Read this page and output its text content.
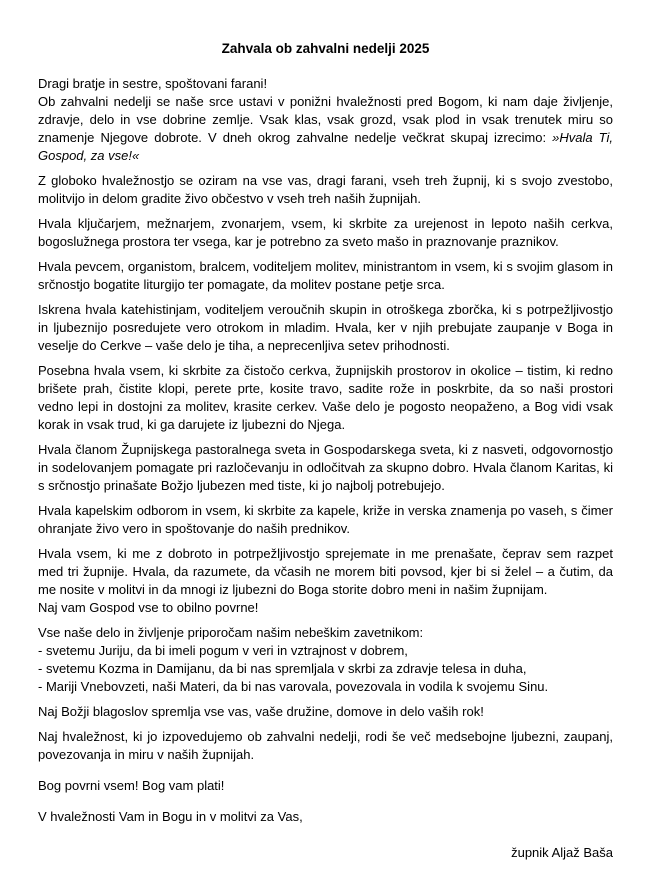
Zahvala ob zahvalni nedelji 2025

Dragi bratje in sestre, spoštovani farani!

Ob zahvalni nedelji se naše srce ustavi v ponižni hvaležnosti pred Bogom, ki nam daje življenje, zdravje, delo in vse dobrine zemlje. Vsak klas, vsak grozd, vsak plod in vsak trenutek miru so znamenje Njegove dobrote. V dneh okrog zahvalne nedelje večkrat skupaj izrecimo: »Hvala Ti, Gospod, za vse!«

Z globoko hvaležnostjo se oziram na vse vas, dragi farani, vseh treh župnij, ki s svojo zvestobo, molitvijo in delom gradite živo občestvo v vseh treh naših župnijah.

Hvala ključarjem, mežnarjem, zvonarjem, vsem, ki skrbite za urejenost in lepoto naših cerkva, bogoslužnega prostora ter vsega, kar je potrebno za sveto mašo in praznovanje praznikov.

Hvala pevcem, organistom, bralcem, voditeljem molitev, ministrantom in vsem, ki s svojim glasom in srčnostjo bogatite liturgijo ter pomagate, da molitev postane petje srca.

Iskrena hvala katehistinjam, voditeljem veroučnih skupin in otroškega zborčka, ki s potrpežljivostjo in ljubeznijo posredujete vero otrokom in mladim. Hvala, ker v njih prebujate zaupanje v Boga in veselje do Cerkve – vaše delo je tiha, a neprecenljiva setev prihodnosti.

Posebna hvala vsem, ki skrbite za čistočo cerkva, župnijskih prostorov in okolice – tistim, ki redno brišete prah, čistite klopi, perete prte, kosite travo, sadite rože in poskrbite, da so naši prostori vedno lepi in dostojni za molitev, krasite cerkev. Vaše delo je pogosto neopaženo, a Bog vidi vsak korak in vsak trud, ki ga darujete iz ljubezni do Njega.

Hvala članom Župnijskega pastoralnega sveta in Gospodarskega sveta, ki z nasveti, odgovornostjo in sodelovanjem pomagate pri razločevanju in odločitvah za skupno dobro. Hvala članom Karitas, ki s srčnostjo prinašate Božjo ljubezen med tiste, ki jo najbolj potrebujejo.

Hvala kapelskim odborom in vsem, ki skrbite za kapele, križe in verska znamenja po vaseh, s čimer ohranjate živo vero in spoštovanje do naših prednikov.

Hvala vsem, ki me z dobroto in potrpežljivostjo sprejemate in me prenašate, čeprav sem razpet med tri župnije. Hvala, da razumete, da včasih ne morem biti povsod, kjer bi si želel – a čutim, da me nosite v molitvi in da mnogi iz ljubezni do Boga storite dobro meni in našim župnijam.

Naj vam Gospod vse to obilno povrne!

Vse naše delo in življenje priporočam našim nebeškim zavetnikom:
- svetemu Juriju, da bi imeli pogum v veri in vztrajnost v dobrem,
- svetemu Kozma in Damijanu, da bi nas spremljala v skrbi za zdravje telesa in duha,
- Mariji Vnebovzeti, naši Materi, da bi nas varovala, povezovala in vodila k svojemu Sinu.

Naj Božji blagoslov spremlja vse vas, vaše družine, domove in delo vaših rok!

Naj hvaležnost, ki jo izpovedujemo ob zahvalni nedelji, rodi še več medsebojne ljubezni, zaupanj, povezovanja in miru v naših župnijah.

Bog povrni vsem! Bog vam plati!

V hvaležnosti Vam in Bogu in v molitvi za Vas,

župnik Aljaž Baša
